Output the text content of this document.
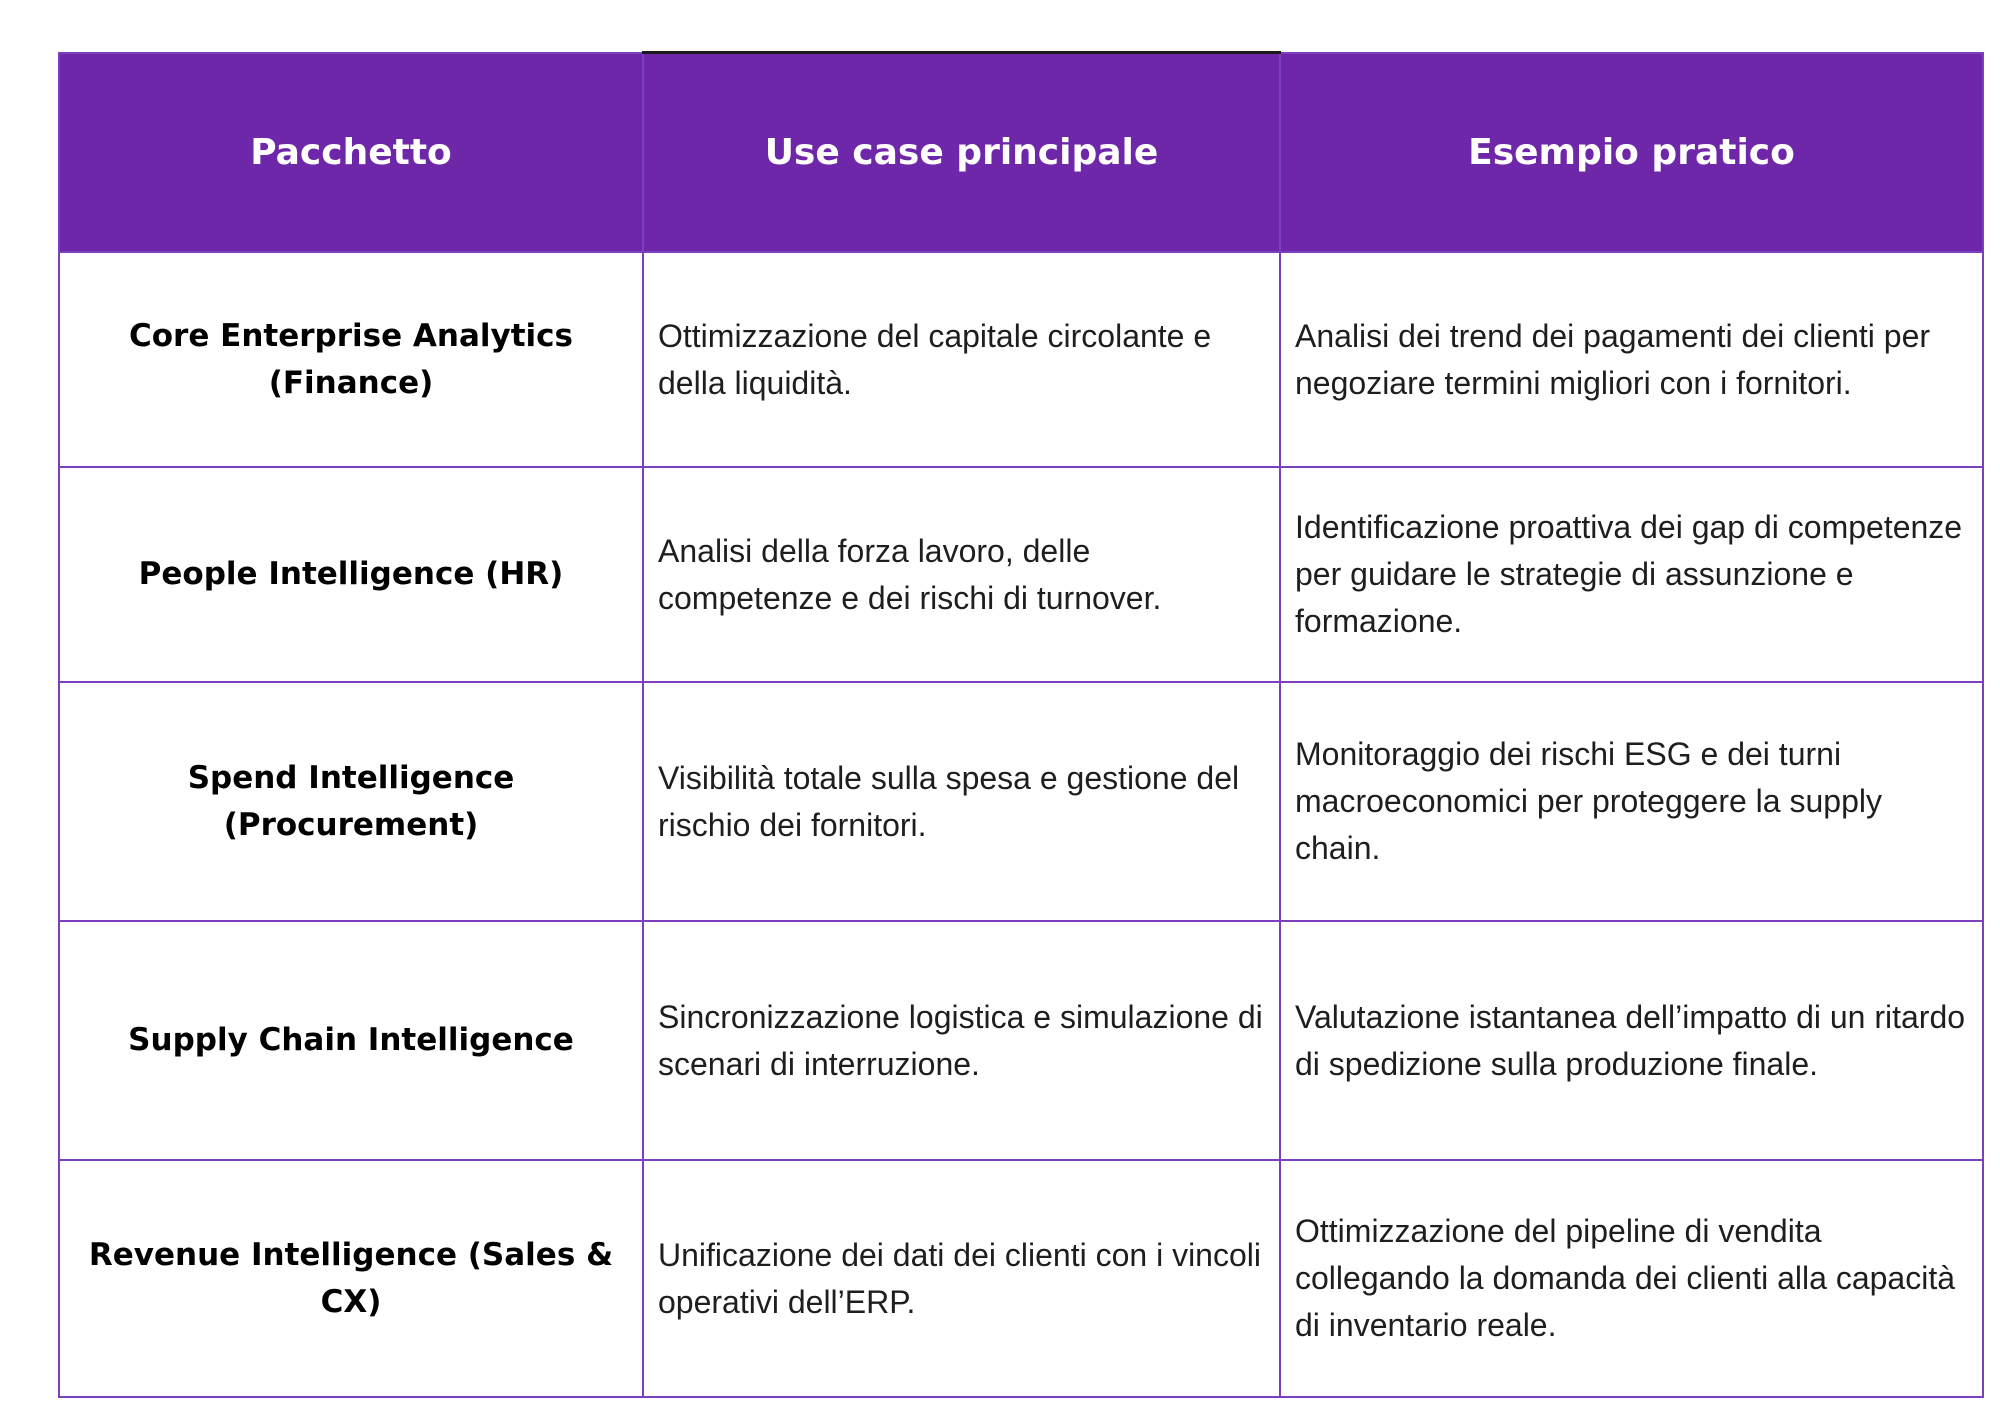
Pacchetto	Use case principale	Esempio pratico
Core Enterprise Analytics (Finance)	Ottimizzazione del capitale circolante e della liquidità.	Analisi dei trend dei pagamenti dei clienti per negoziare termini migliori con i fornitori.
People Intelligence (HR)	Analisi della forza lavoro, delle competenze e dei rischi di turnover.	Identificazione proattiva dei gap di competenze per guidare le strategie di assunzione e formazione.
Spend Intelligence (Procurement)	Visibilità totale sulla spesa e gestione del rischio dei fornitori.	Monitoraggio dei rischi ESG e dei turni macroeconomici per proteggere la supply chain.
Supply Chain Intelligence	Sincronizzazione logistica e simulazione di scenari di interruzione.	Valutazione istantanea dell’impatto di un ritardo di spedizione sulla produzione finale.
Revenue Intelligence (Sales & CX)	Unificazione dei dati dei clienti con i vincoli operativi dell’ERP.	Ottimizzazione del pipeline di vendita collegando la domanda dei clienti alla capacità di inventario reale.
